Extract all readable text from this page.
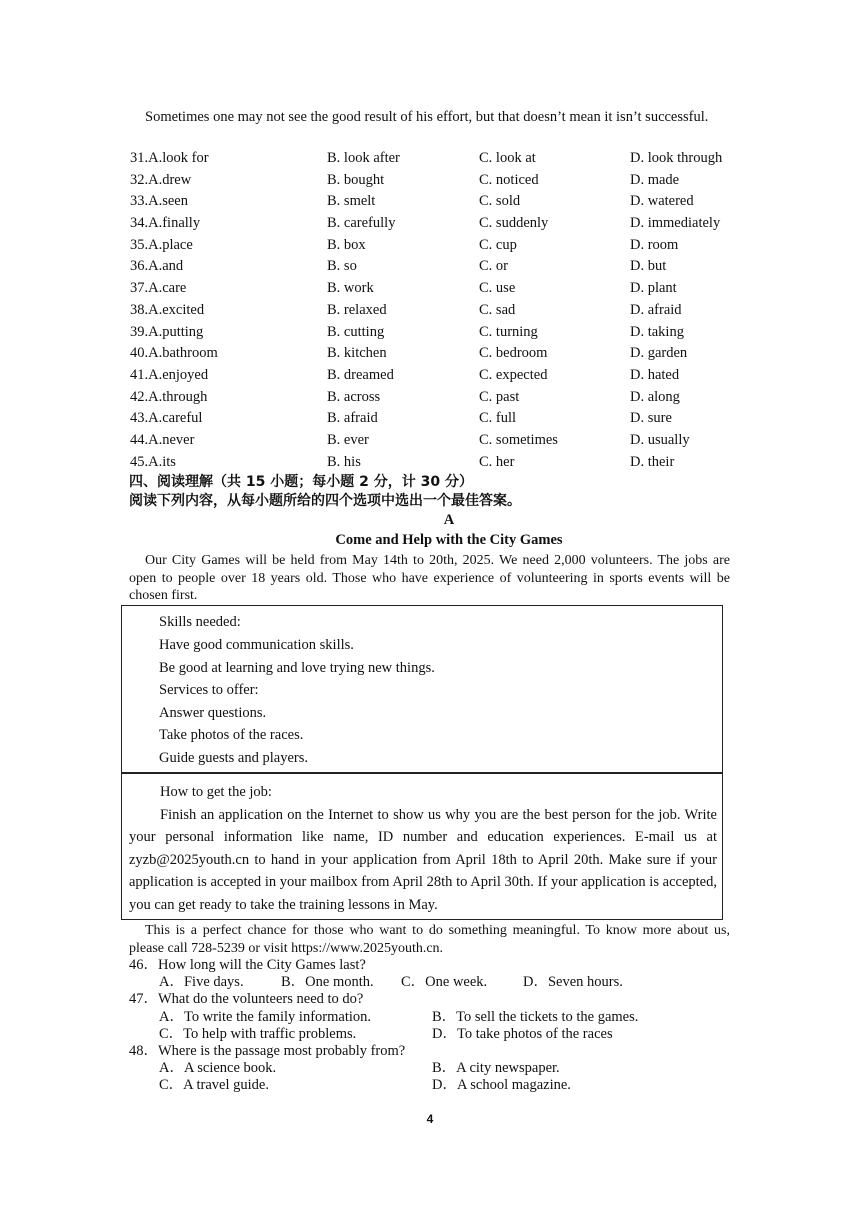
Sometimes one may not see the good result of his effort, but that doesn’t mean it isn’t successful.
31.A.look for	B. look after	C. look at	D. look through
32.A.drew	B. bought	C. noticed	D. made
33.A.seen	B. smelt	C. sold	D. watered
34.A.finally	B. carefully	C. suddenly	D. immediately
35.A.place	B. box	C. cup	D. room
36.A.and	B. so	C. or	D. but
37.A.care	B. work	C. use	D. plant
38.A.excited	B. relaxed	C. sad	D. afraid
39.A.putting	B. cutting	C. turning	D. taking
40.A.bathroom	B. kitchen	C. bedroom	D. garden
41.A.enjoyed	B. dreamed	C. expected	D. hated
42.A.through	B. across	C. past	D. along
43.A.careful	B. afraid	C. full	D. sure
44.A.never	B. ever	C. sometimes	D. usually
45.A.its	B. his	C. her	D. their
四、阅读理解（共 15 小题；每小题 2 分，计 30 分）
阅读下列内容，从每小题所给的四个选项中选出一个最佳答案。
A
Come and Help with the City Games
Our City Games will be held from May 14th to 20th, 2025. We need 2,000 volunteers. The jobs are open to people over 18 years old. Those who have experience of volunteering in sports events will be chosen first.

Skills needed:

Have good communication skills.

Be good at learning and love trying new things.

Services to offer:

Answer questions.

Take photos of the races.

Guide guests and players.

How to get the job:
Finish an application on the Internet to show us why you are the best person for the job. Write your personal information like name, ID number and education experiences. E-mail us at zyzb@2025youth.cn to hand in your application from April 18th to April 20th. Make sure if your application is accepted in your mailbox from April 28th to April 30th. If your application is accepted, you can get ready to take the training lessons in May.
This is a perfect chance for those who want to do something meaningful. To know more about us, please call 728-5239 or visit https://www.2025youth.cn.
46．How long will the City Games last?
A．Five days.	B．One month. C．One week. D．Seven hours.
47．What do the volunteers need to do?
A．To write the family information.	B．To sell the tickets to the games.
C．To help with traffic problems.	D．To take photos of the races
48．Where is the passage most probably from?
A．A science book.	B．A city newspaper.
C．A travel guide.	D．A school magazine.
4
